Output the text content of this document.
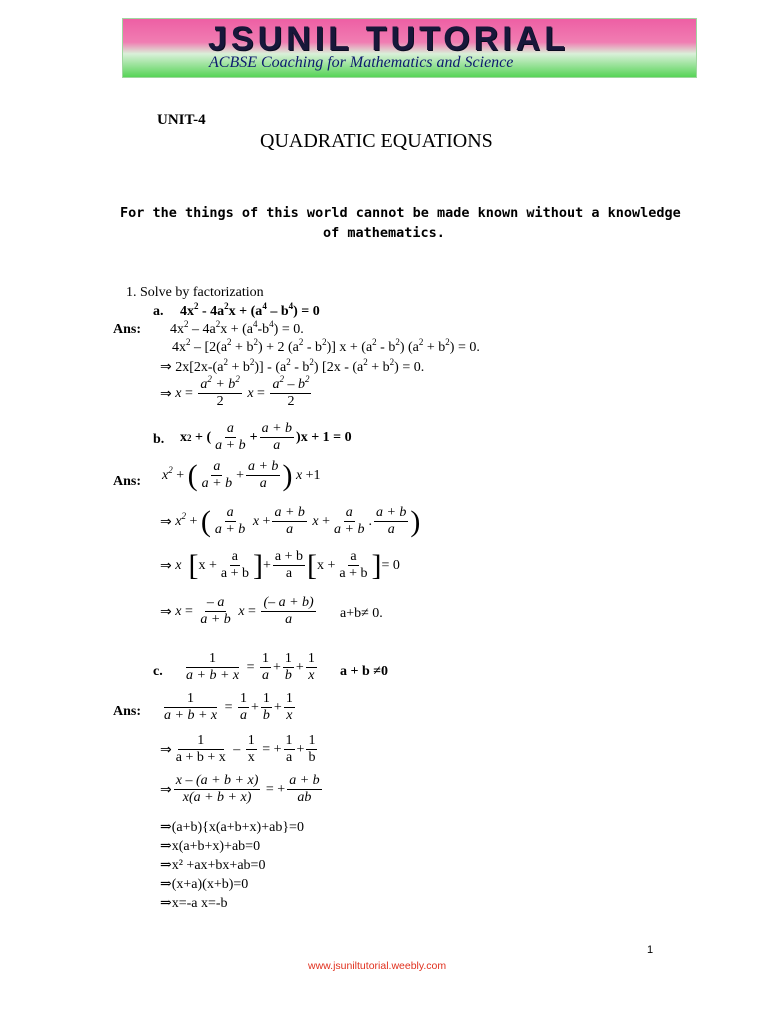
JSUNIL TUTORIAL
ACBSE Coaching for Mathematics and Science
UNIT-4
QUADRATIC EQUATIONS
For the things of this world cannot be made known without a knowledge
of mathematics.
1. Solve by factorization
a. $4x^2 - 4a^2x + (a^4 - b^4) = 0$
Ans: $4x^2 - 4a^2x + (a^4-b^4) = 0$.
$4x^2 - [2(a^2 + b^2) + 2$ $(a^2 - b^2)$] $x + (a^2 - b^2) (a^2 + b^2) = 0$.
⇒ $2x[2x-(a^2 + b^2)] - (a^2 - b^2)$ [$2x - (a^2 + b^2) = 0$.
⇒
$x = \frac{a^2 + b^2}{2}$
$x = \frac{a^2 - b^2}{2}$
b. x 2 + ( $\frac{a}{a + b} + \frac{a + b}{a} )x + 1 = 0$
Ans: $x^2$ + ( $\frac{a}{a + b} + \frac{a + b}{a}$ )
x +1
⇒
$x^2$ + ( $\frac{a}{a + b}$
$x + \frac{a + b}{a}$
$x + \frac{a}{a + b}$ . $\frac{a + b}{a}$ )
⇒
x
[ $x + \frac{a}{a + b}$ ] + $\frac{a + b}{a}$ [ $x + \frac{a}{a + b}$ ] = 0
⇒
$x = \frac{- a}{a + b}$
$x = \frac{(- a + b)}{a} a+b\ne 0$.
c. $\frac{1}{a + b + x} = \frac{1}{a} + \frac{1}{b} + \frac{1}{x}$ a + b ≠0
Ans: $\frac{1}{a + b + x} = \frac{1}{a} + \frac{1}{b} + \frac{1}{x}$
⇒ $\frac{1}{a + b + x} - \frac{1}{x}$ = + $\frac{1}{a} + \frac{1}{b}$
⇒ $\frac{x - (a + b + x)}{x(a + b + x)}$ = + $\frac{a + b}{ab}$
⇒(a+b){x(a+b+x)+ab}=0
⇒x(a+b+x)+ab=0
⇒x² +ax+bx+ab=0
⇒(x+a)(x+b)=0
⇒x=-a x=-b
1
www.jsuniltutorial.weebly.com
